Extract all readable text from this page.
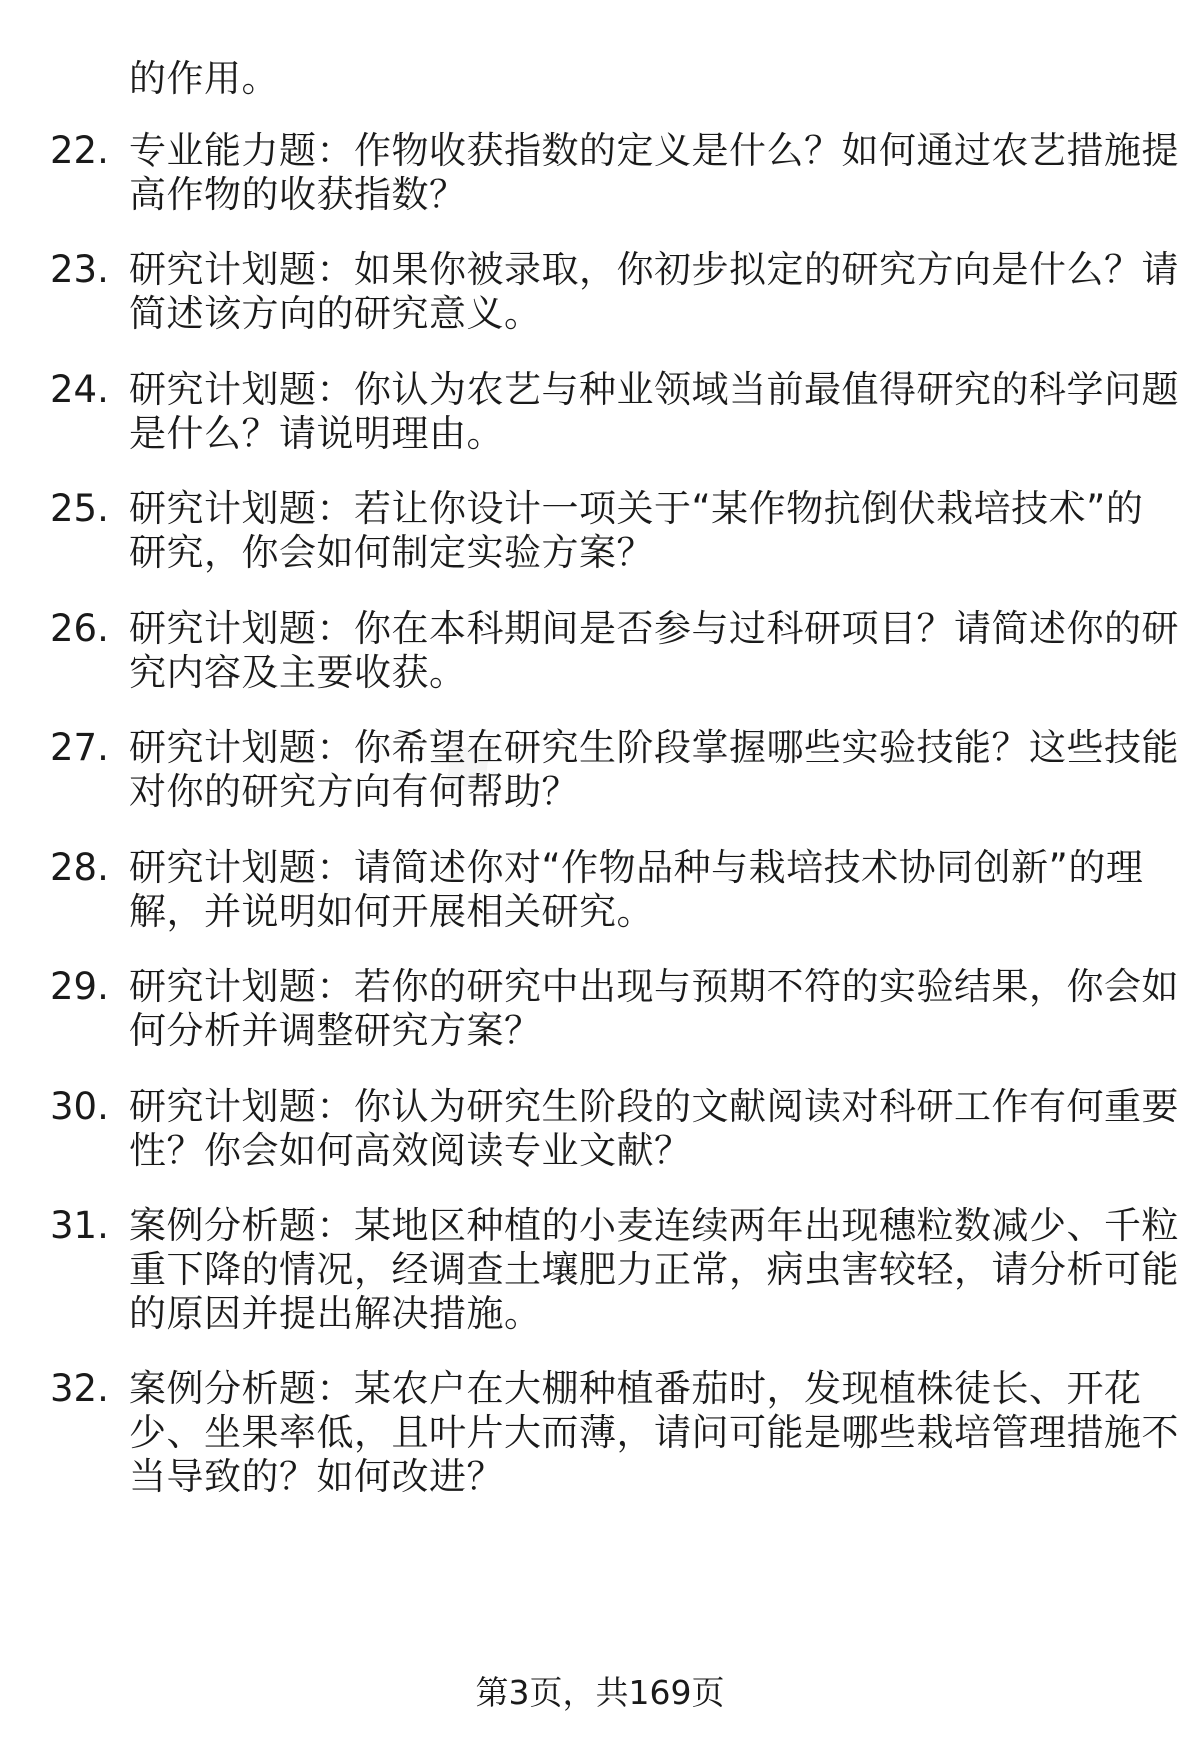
的作用。
22. 专业能力题：作物收获指数的定义是什么？如何通过农艺措施提
高作物的收获指数？
23. 研究计划题：如果你被录取，你初步拟定的研究方向是什么？请
简述该方向的研究意义。
24. 研究计划题：你认为农艺与种业领域当前最值得研究的科学问题
是什么？请说明理由。
25. 研究计划题：若让你设计一项关于“某作物抗倒伏栽培技术”的
研究，你会如何制定实验方案？
26. 研究计划题：你在本科期间是否参与过科研项目？请简述你的研
究内容及主要收获。
27. 研究计划题：你希望在研究生阶段掌握哪些实验技能？这些技能
对你的研究方向有何帮助？
28. 研究计划题：请简述你对“作物品种与栽培技术协同创新”的理
解，并说明如何开展相关研究。
29. 研究计划题：若你的研究中出现与预期不符的实验结果，你会如
何分析并调整研究方案？
30. 研究计划题：你认为研究生阶段的文献阅读对科研工作有何重要
性？你会如何高效阅读专业文献？
31. 案例分析题：某地区种植的小麦连续两年出现穗粒数减少、千粒
重下降的情况，经调查土壤肥力正常，病虫害较轻，请分析可能
的原因并提出解决措施。
32. 案例分析题：某农户在大棚种植番茄时，发现植株徒长、开花
少、坐果率低，且叶片大而薄，请问可能是哪些栽培管理措施不
当导致的？如何改进？
第3页，共169页
